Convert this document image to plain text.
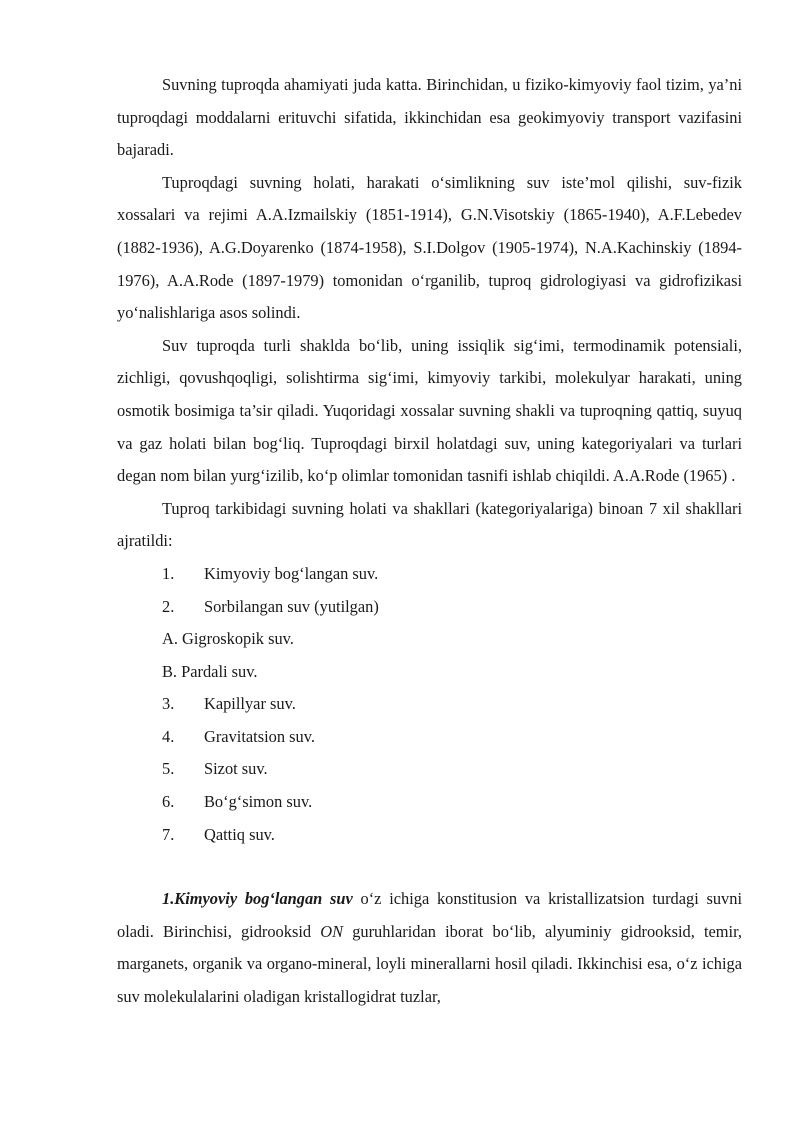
Suvning tuproqda ahamiyati juda katta. Birinchidan, u fiziko-kimyoviy faol tizim, ya’ni tuproqdagi moddalarni erituvchi sifatida, ikkinchidan esa geokimyoviy transport vazifasini bajaradi.

Tuproqdagi suvning holati, harakati o‘simlikning suv iste’mol qilishi, suv-fizik xossalari va rejimi A.A.Izmailskiy (1851-1914), G.N.Visotskiy (1865-1940), A.F.Lebedev (1882-1936), A.G.Doyarenko (1874-1958), S.I.Dolgov (1905-1974), N.A.Kachinskiy (1894-1976), A.A.Rode (1897-1979) tomonidan o‘rganilib, tuproq gidrologiyasi va gidrofizikasi yo‘nalishlariga asos solindi.

Suv tuproqda turli shaklda bo‘lib, uning issiqlik sig‘imi, termodinamik potensiali, zichligi, qovushqoqligi, solishtirma sig‘imi, kimyoviy tarkibi, molekulyar harakati, uning osmotik bosimiga ta’sir qiladi. Yuqoridagi xossalar suvning shakli va tuproqning qattiq, suyuq va gaz holati bilan bog‘liq. Tuproqdagi birxil holatdagi suv, uning kategoriyalari va turlari degan nom bilan yurg‘izilib, ko‘p olimlar tomonidan tasnifi ishlab chiqildi. A.A.Rode (1965) .

Tuproq tarkibidagi suvning holati va shakllari (kategoriyalariga) binoan 7 xil shakllari ajratildi:

1.	Kimyoviy bog‘langan suv.
2.	Sorbilangan suv (yutilgan)
A. Gigroskopik suv.
B. Pardali suv.
3.	Kapillyar suv.
4.	Gravitatsion suv.
5.	Sizot suv.
6.	Bo‘g‘simon suv.
7.	Qattiq suv.

1.Kimyoviy bog‘langan suv o‘z ichiga konstitusion va kristallizatsion turdagi suvni oladi. Birinchisi, gidrooksid ON guruhlaridan iborat bo‘lib, alyuminiy gidrooksid, temir, marganets, organik va organo-mineral, loyli minerallarni hosil qiladi. Ikkinchisi esa, o‘z ichiga suv molekulalarini oladigan kristallogidrat tuzlar,
